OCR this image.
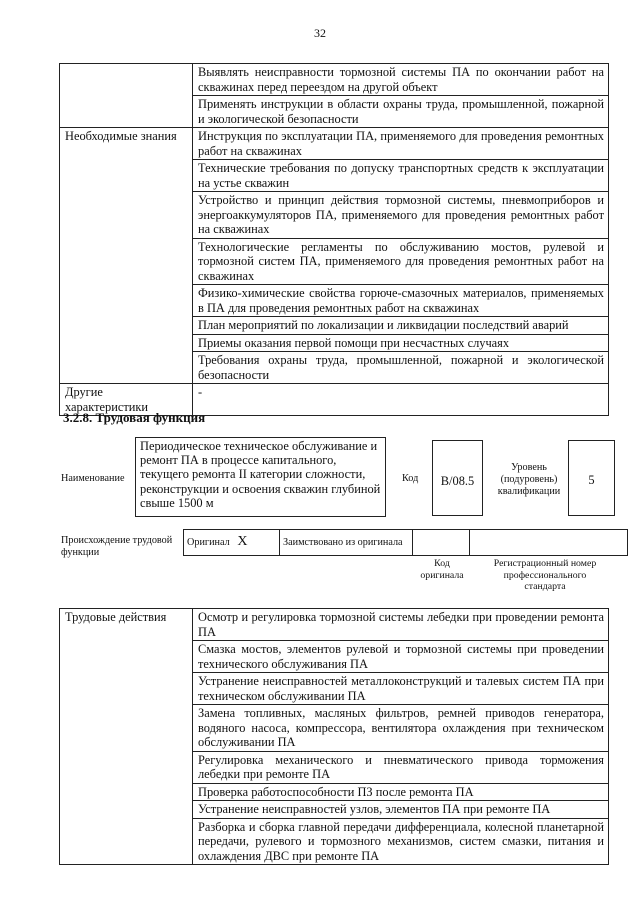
32
	Выявлять неисправности тормозной системы ПА по окончании работ на скважинах перед переездом на другой объект
	Применять инструкции в области охраны труда, промышленной, пожарной и экологической безопасности
Необходимые знания	Инструкция по эксплуатации ПА, применяемого для проведения ремонтных работ на скважинах
	Технические требования по допуску транспортных средств к эксплуатации на устье скважин
	Устройство и принцип действия тормозной системы, пневмоприборов и энергоаккумуляторов ПА, применяемого для проведения ремонтных работ на скважинах
	Технологические регламенты по обслуживанию мостов, рулевой и тормозной систем ПА, применяемого для проведения ремонтных работ на скважинах
	Физико-химические свойства горюче-смазочных материалов, применяемых в ПА для проведения ремонтных работ на скважинах
	План мероприятий по локализации и ликвидации последствий аварий
	Приемы оказания первой помощи при несчастных случаях
	Требования охраны труда, промышленной, пожарной и экологической безопасности
Другие характеристики	-
3.2.8. Трудовая функция
Наименование
Периодическое техническое обслуживание и ремонт ПА в процессе капитального, текущего ремонта II категории сложности, реконструкции и освоения скважин глубиной свыше 1500 м
Код	В/08.5
Уровень (подуровень) квалификации
5
Происхождение трудовой функции
Оригинал X	Заимствовано из оригинала		
Код оригинала
Регистрационный номер профессионального стандарта
Трудовые действия	Осмотр и регулировка тормозной системы лебедки при проведении ремонта ПА
Смазка мостов, элементов рулевой и тормозной системы при проведении технического обслуживания ПА
Устранение неисправностей металлоконструкций и талевых систем ПА при техническом обслуживании ПА
Замена топливных, масляных фильтров, ремней приводов генератора, водяного насоса, компрессора, вентилятора охлаждения при техническом обслуживании ПА
Регулировка механического и пневматического привода торможения лебедки при ремонте ПА
Проверка работоспособности ПЗ после ремонта ПА
Устранение неисправностей узлов, элементов ПА при ремонте ПА
Разборка и сборка главной передачи дифференциала, колесной планетарной передачи, рулевого и тормозного механизмов, систем смазки, питания и охлаждения ДВС при ремонте ПА
